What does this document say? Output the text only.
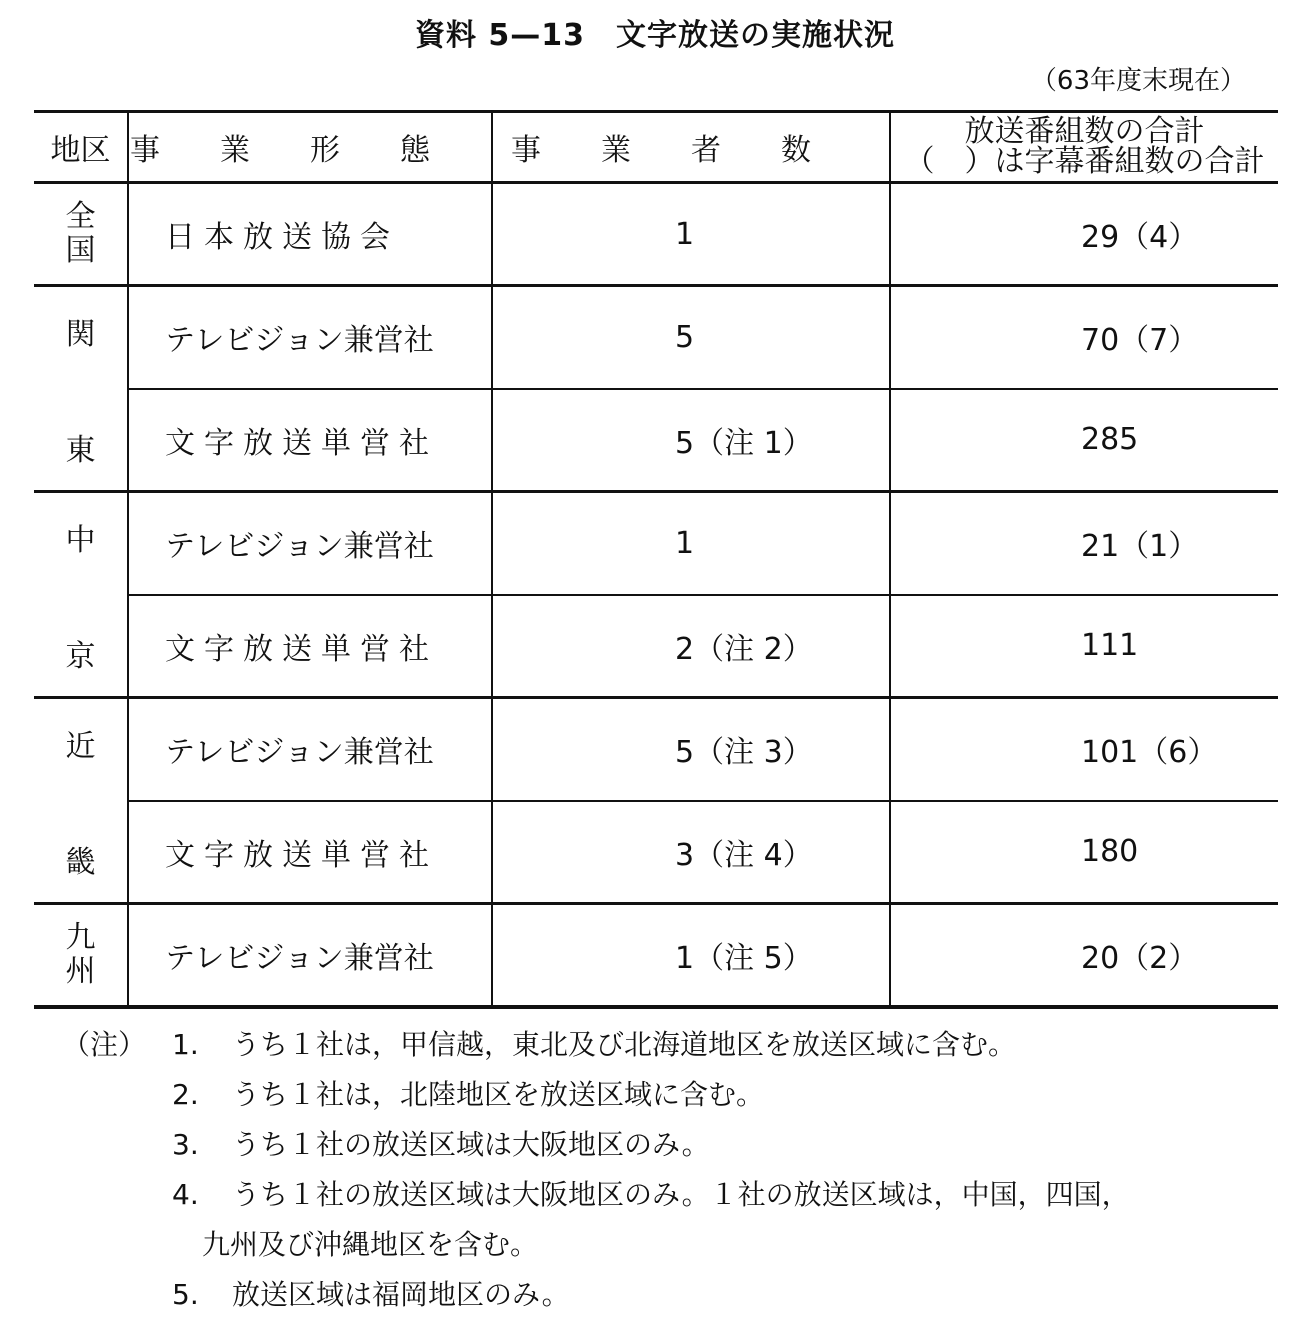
資料 5—13　文字放送の実施状況
（63年度末現在）
地区	事業形態	事業者数	放送番組数の合計
（　）は字幕番組数の合計

全
国	日本放送協会	1	29（4）

関
東	テレビジョン兼営社	5	70（7）
	文字放送単営社	5（注 1）	285

中
京	テレビジョン兼営社	1	21（1）
	文字放送単営社	2（注 2）	111

近
畿	テレビジョン兼営社	5（注 3）	101（6）
	文字放送単営社	3（注 4）	180

九
州	テレビジョン兼営社	1（注 5）	20（2）
（注） 1. うち１社は，甲信越，東北及び北海道地区を放送区域に含む。
2. うち１社は，北陸地区を放送区域に含む。
3. うち１社の放送区域は大阪地区のみ。
4. うち１社の放送区域は大阪地区のみ。１社の放送区域は，中国，四国，
九州及び沖縄地区を含む。
5. 放送区域は福岡地区のみ。
